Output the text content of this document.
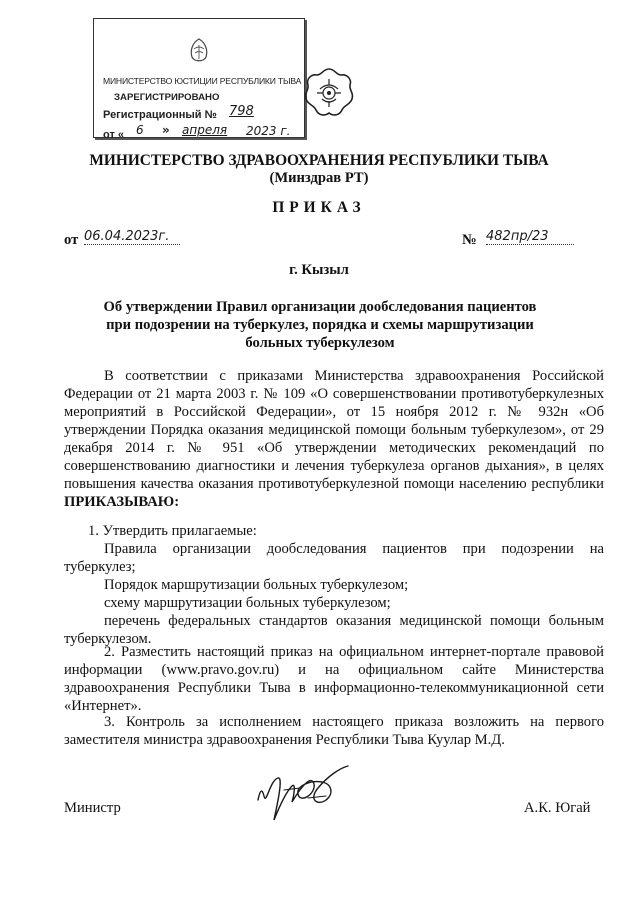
МИНИСТЕРСТВО ЮСТИЦИИ РЕСПУБЛИКИ ТЫВА
ЗАРЕГИСТРИРОВАНО
Регистрационный № 798
от « 6 » апреля 2023 г.
МИНИСТЕРСТВО ЗДРАВООХРАНЕНИЯ РЕСПУБЛИКИ ТЫВА
(Минздрав РТ)
ПРИКАЗ
от 06.04.2023г.	№ 482пр/23
г. Кызыл
Об утверждении Правил организации дообследования пациентов при подозрении на туберкулез, порядка и схемы маршрутизации больных туберкулезом
В соответствии с приказами Министерства здравоохранения Российской Федерации от 21 марта 2003 г. № 109 «О совершенствовании противотуберкулезных мероприятий в Российской Федерации», от 15 ноября 2012 г. № 932н «Об утверждении Порядка оказания медицинской помощи больным туберкулезом», от 29 декабря 2014 г. № 951 «Об утверждении методических рекомендаций по совершенствованию диагностики и лечения туберкулеза органов дыхания», в целях повышения качества оказания противотуберкулезной помощи населению республики ПРИКАЗЫВАЮ:
1. Утвердить прилагаемые:
Правила организации дообследования пациентов при подозрении на туберкулез;
Порядок маршрутизации больных туберкулезом;
схему маршрутизации больных туберкулезом;
перечень федеральных стандартов оказания медицинской помощи больным туберкулезом.
2. Разместить настоящий приказ на официальном интернет-портале правовой информации (www.pravo.gov.ru) и на официальном сайте Министерства здравоохранения Республики Тыва в информационно-телекоммуникационной сети «Интернет».
3. Контроль за исполнением настоящего приказа возложить на первого заместителя министра здравоохранения Республики Тыва Куулар М.Д.
Министр	А.К. Югай
